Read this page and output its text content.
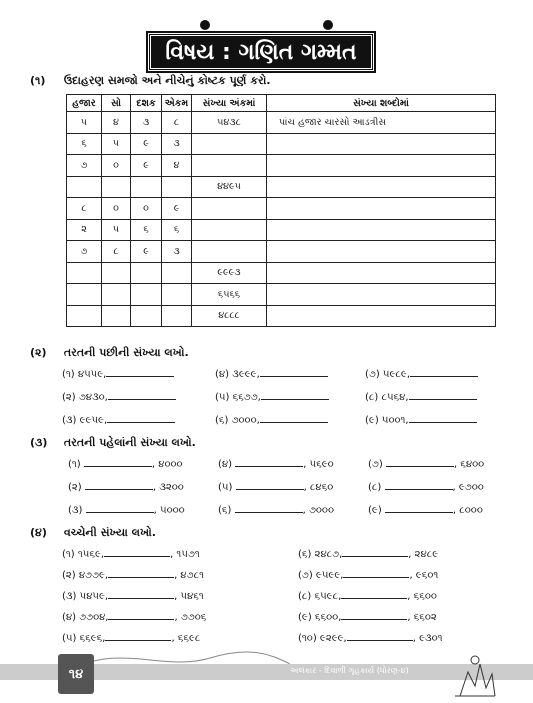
વિષય : ગણિત ગમ્મત
(૧) ઉદાહરણ સમજો અને નીચેનું કોષ્ટક પૂર્ણ કરો.
હજાર	સો	દશક	એકમ	સંખ્યા અંકમાં	સંખ્યા શબ્દોમાં
૫	૪	૩	૮	૫૪૩૮	પાંચ હજાર ચારસો આડત્રીસ
૬	૫	૯	૩		
૭	૦	૯	૪		
				૪૪૯૫	
૮	૦	૦	૯		
૨	૫	૬	૬		
૭	૮	૯	૩		
				૯૯૯૩	
				૬૫૬૬	
				૪૮૮૮	
(૨) તરતની પછીની સંખ્યા લખો.
(૧) ૪૫૫૯,	(૪) ૩૯૯૯,	(૭) ૫૯૮૯,
(૨) ૭૪૩૦,	(૫) ૬૬૭૭,	(૮) ૮૫૬૪,
(૩) ૯૯૫૯,	(૬) ૭૦૦૦,	(૯) ૫૦૦૧,
(૩) તરતની પહેલાંની સંખ્યા લખો.
(૧)	, ૪૦૦૦	(૪)	, ૫૬૯૦	(૭)	, ૬૪૦૦
(૨)	, ૩૨૦૦	(૫)	, ૮૪૬૦	(૮)	, ૯૭૦૦
(૩)	, ૫૦૦૦	(૬)	, ૭૦૦૦	(૯)	, ૮૦૦૦
(૪) વચ્ચેની સંખ્યા લખો.
(૧) ૧૫૬૯,	, ૧૫૭૧	(૬) ૨૪૮૭,	, ૨૪૮૯
(૨) ૪૭૭૯,	, ૪૭૮૧	(૭) ૯૫૯૯,	, ૯૬૦૧
(૩) ૫૪૫૯,	, ૫૪૬૧	(૮) ૬૫૯૮,	, ૬૬૦૦
(૪) ૭૭૦૪,	, ૭૭૦૬	(૯) ૬૬૦૦,	, ૬૬૦૨
(૫) ૬૬૯૬,	, ૬૬૯૮	(૧૦) ૯૨૯૯,	, ૯૩૦૧
૧૪	અલંકાર - દિવાળી ગૃહકાર્ય (ધોરણ-૪)
